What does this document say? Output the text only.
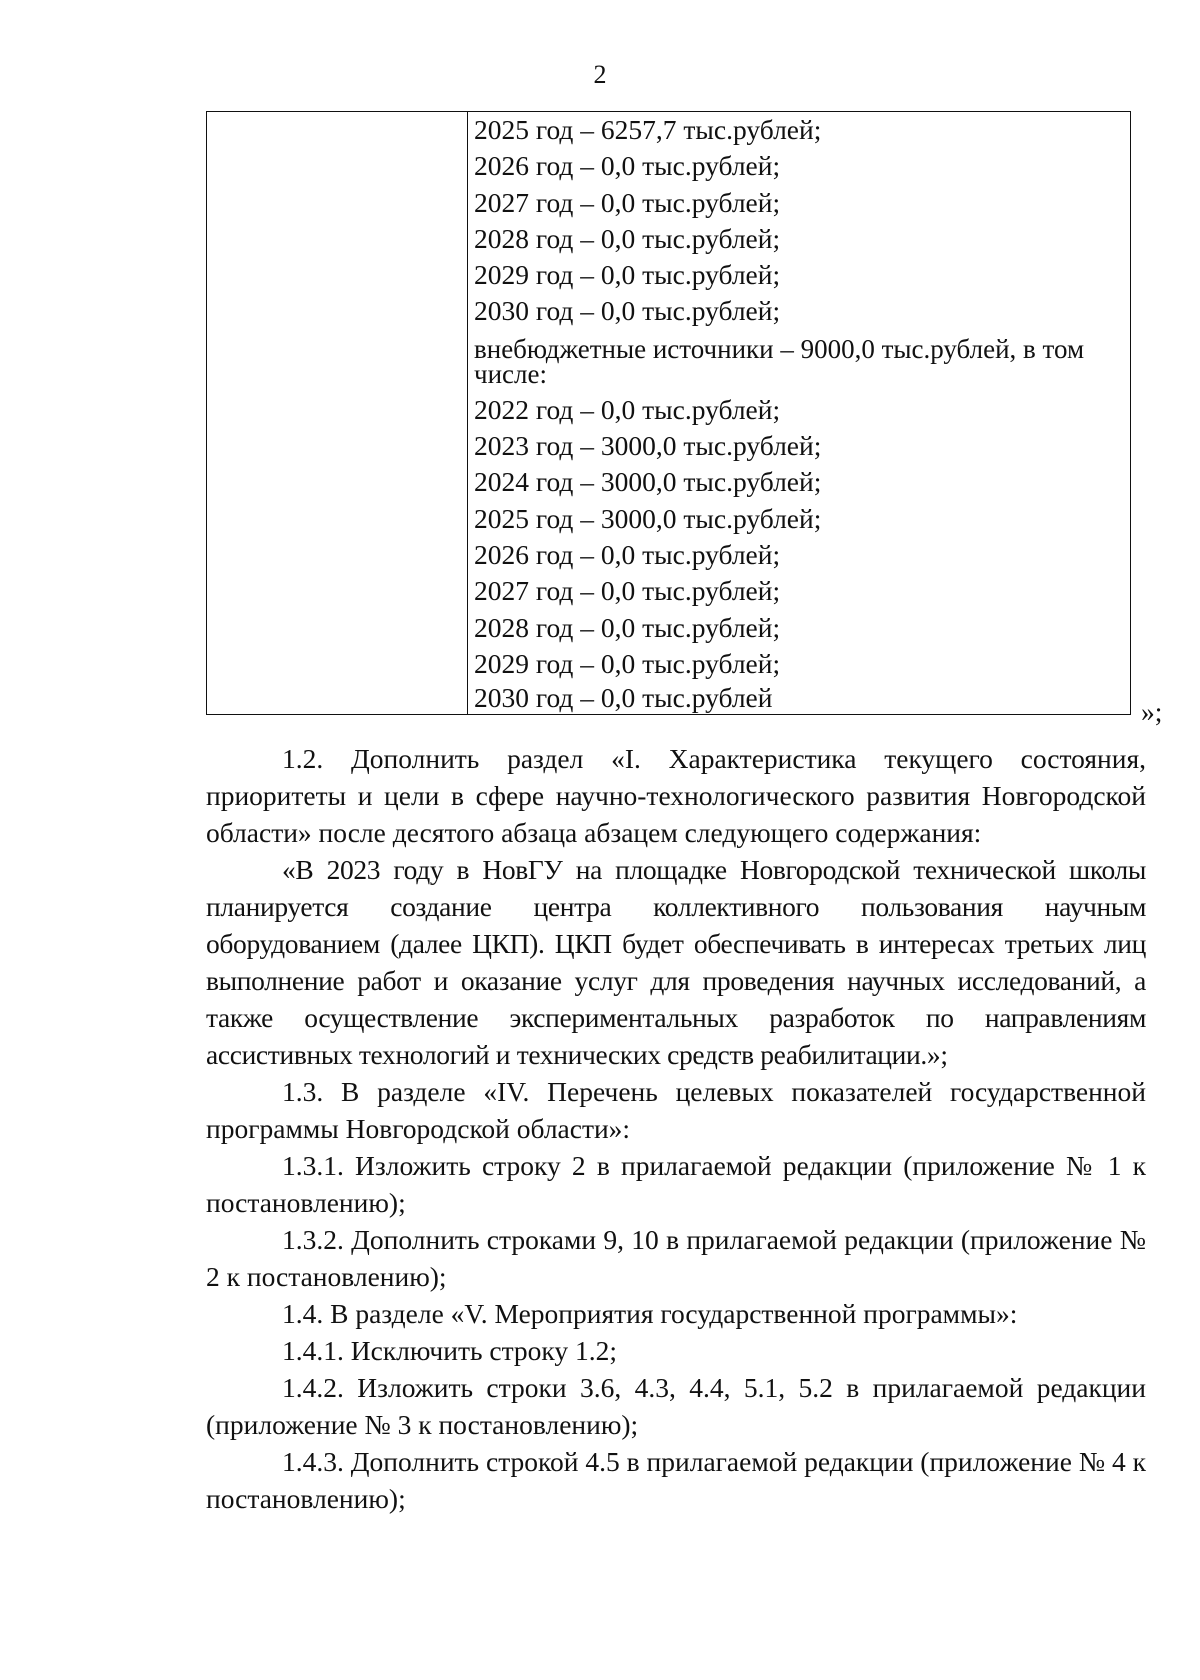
2

2025 год – 6257,7 тыс.рублей;
2026 год – 0,0 тыс.рублей;
2027 год – 0,0 тыс.рублей;
2028 год – 0,0 тыс.рублей;
2029 год – 0,0 тыс.рублей;
2030 год – 0,0 тыс.рублей;
внебюджетные источники – 9000,0 тыс.рублей, в том числе:
2022 год – 0,0 тыс.рублей;
2023 год – 3000,0 тыс.рублей;
2024 год – 3000,0 тыс.рублей;
2025 год – 3000,0 тыс.рублей;
2026 год – 0,0 тыс.рублей;
2027 год – 0,0 тыс.рублей;
2028 год – 0,0 тыс.рублей;
2029 год – 0,0 тыс.рублей;
2030 год – 0,0 тыс.рублей	»;

1.2. Дополнить раздел «I. Характеристика текущего состояния, приоритеты и цели в сфере научно-технологического развития Новгородской области» после десятого абзаца абзацем следующего содержания:

«В 2023 году в НовГУ на площадке Новгородской технической школы планируется создание центра коллективного пользования научным оборудованием (далее ЦКП). ЦКП будет обеспечивать в интересах третьих лиц выполнение работ и оказание услуг для проведения научных исследований, а также осуществление экспериментальных разработок по направлениям ассистивных технологий и технических средств реабилитации.»;

1.3. В разделе «IV. Перечень целевых показателей государственной программы Новгородской области»:

1.3.1. Изложить строку 2 в прилагаемой редакции (приложение № 1 к постановлению);

1.3.2. Дополнить строками 9, 10 в прилагаемой редакции (приложение № 2 к постановлению);

1.4. В разделе «V. Мероприятия государственной программы»:

1.4.1. Исключить строку 1.2;

1.4.2. Изложить строки 3.6, 4.3, 4.4, 5.1, 5.2 в прилагаемой редакции (приложение № 3 к постановлению);

1.4.3. Дополнить строкой 4.5 в прилагаемой редакции (приложение № 4 к постановлению);
